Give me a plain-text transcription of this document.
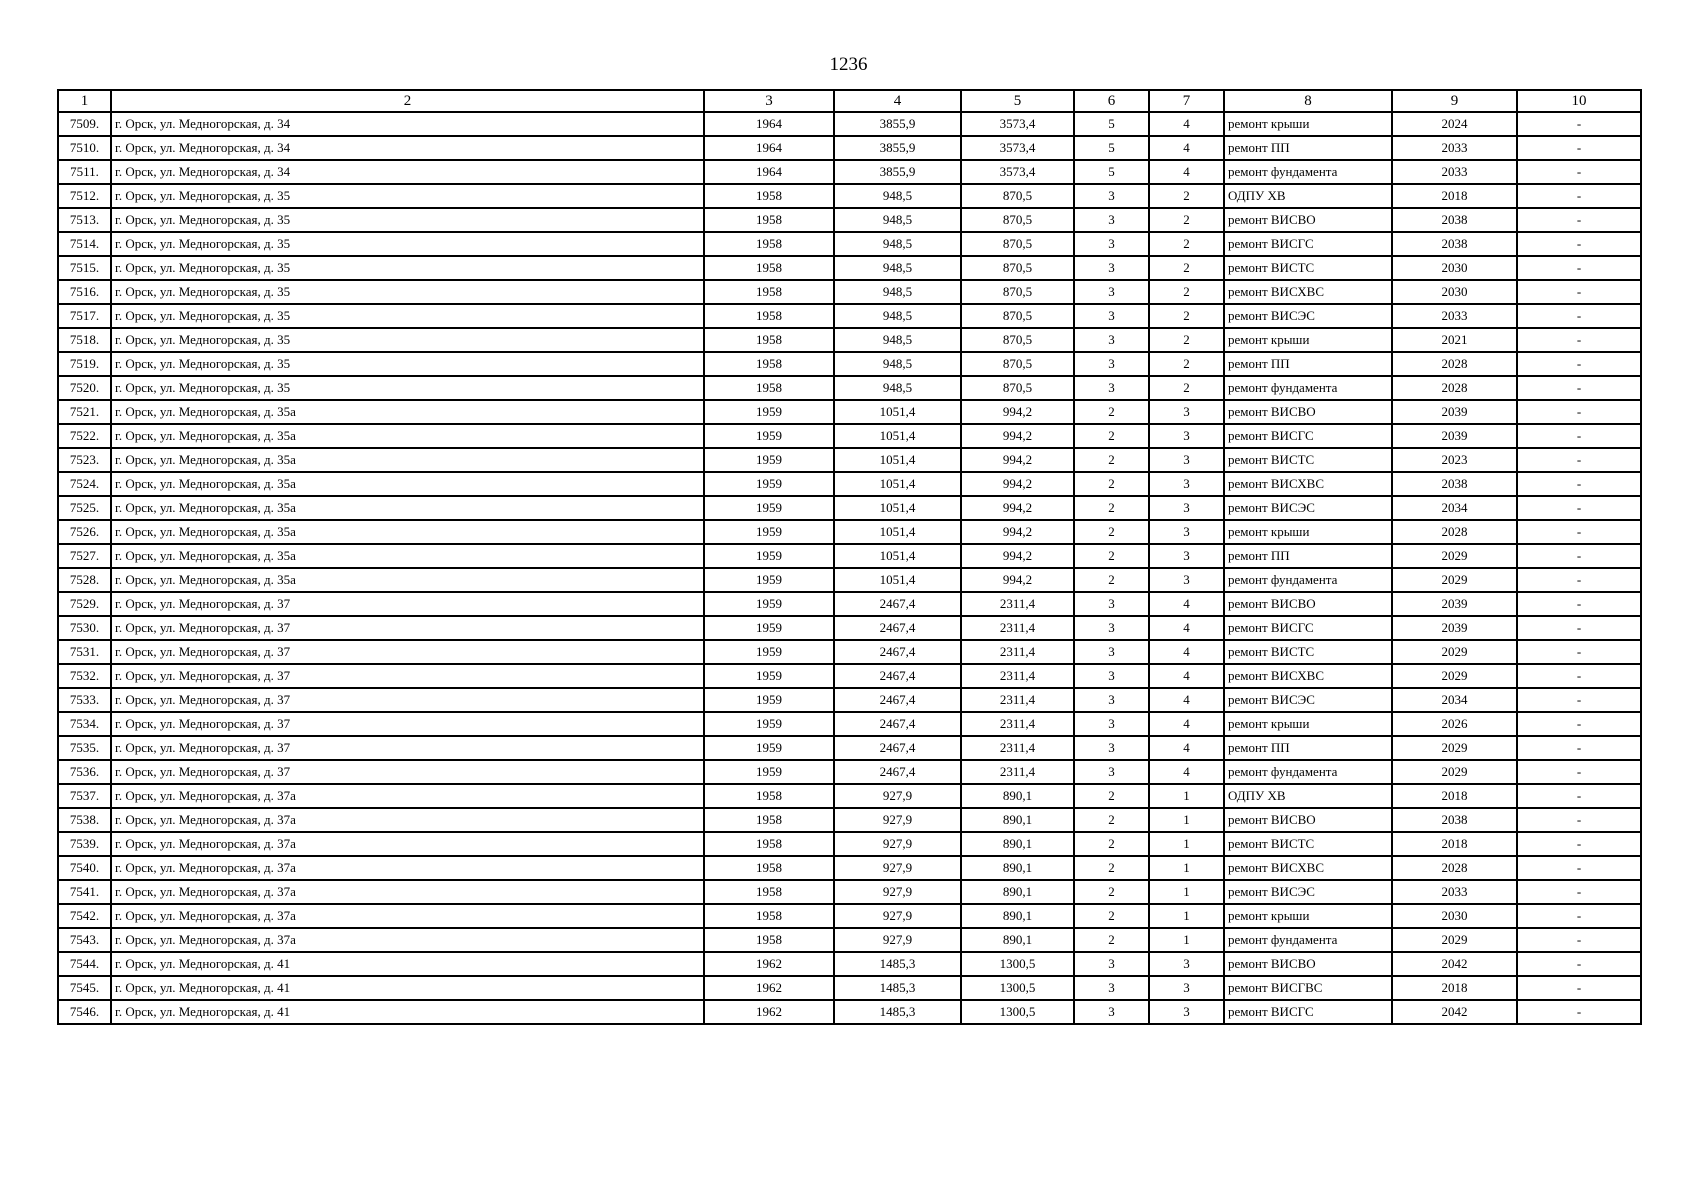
1236
1	2	3	4	5	6	7	8	9	10
7509.	г. Орск, ул. Медногорская, д. 34	1964	3855,9	3573,4	5	4	ремонт крыши	2024	-
7510.	г. Орск, ул. Медногорская, д. 34	1964	3855,9	3573,4	5	4	ремонт ПП	2033	-
7511.	г. Орск, ул. Медногорская, д. 34	1964	3855,9	3573,4	5	4	ремонт фундамента	2033	-
7512.	г. Орск, ул. Медногорская, д. 35	1958	948,5	870,5	3	2	ОДПУ ХВ	2018	-
7513.	г. Орск, ул. Медногорская, д. 35	1958	948,5	870,5	3	2	ремонт ВИСВО	2038	-
7514.	г. Орск, ул. Медногорская, д. 35	1958	948,5	870,5	3	2	ремонт ВИСГС	2038	-
7515.	г. Орск, ул. Медногорская, д. 35	1958	948,5	870,5	3	2	ремонт ВИСТС	2030	-
7516.	г. Орск, ул. Медногорская, д. 35	1958	948,5	870,5	3	2	ремонт ВИСХВС	2030	-
7517.	г. Орск, ул. Медногорская, д. 35	1958	948,5	870,5	3	2	ремонт ВИСЭС	2033	-
7518.	г. Орск, ул. Медногорская, д. 35	1958	948,5	870,5	3	2	ремонт крыши	2021	-
7519.	г. Орск, ул. Медногорская, д. 35	1958	948,5	870,5	3	2	ремонт ПП	2028	-
7520.	г. Орск, ул. Медногорская, д. 35	1958	948,5	870,5	3	2	ремонт фундамента	2028	-
7521.	г. Орск, ул. Медногорская, д. 35а	1959	1051,4	994,2	2	3	ремонт ВИСВО	2039	-
7522.	г. Орск, ул. Медногорская, д. 35а	1959	1051,4	994,2	2	3	ремонт ВИСГС	2039	-
7523.	г. Орск, ул. Медногорская, д. 35а	1959	1051,4	994,2	2	3	ремонт ВИСТС	2023	-
7524.	г. Орск, ул. Медногорская, д. 35а	1959	1051,4	994,2	2	3	ремонт ВИСХВС	2038	-
7525.	г. Орск, ул. Медногорская, д. 35а	1959	1051,4	994,2	2	3	ремонт ВИСЭС	2034	-
7526.	г. Орск, ул. Медногорская, д. 35а	1959	1051,4	994,2	2	3	ремонт крыши	2028	-
7527.	г. Орск, ул. Медногорская, д. 35а	1959	1051,4	994,2	2	3	ремонт ПП	2029	-
7528.	г. Орск, ул. Медногорская, д. 35а	1959	1051,4	994,2	2	3	ремонт фундамента	2029	-
7529.	г. Орск, ул. Медногорская, д. 37	1959	2467,4	2311,4	3	4	ремонт ВИСВО	2039	-
7530.	г. Орск, ул. Медногорская, д. 37	1959	2467,4	2311,4	3	4	ремонт ВИСГС	2039	-
7531.	г. Орск, ул. Медногорская, д. 37	1959	2467,4	2311,4	3	4	ремонт ВИСТС	2029	-
7532.	г. Орск, ул. Медногорская, д. 37	1959	2467,4	2311,4	3	4	ремонт ВИСХВС	2029	-
7533.	г. Орск, ул. Медногорская, д. 37	1959	2467,4	2311,4	3	4	ремонт ВИСЭС	2034	-
7534.	г. Орск, ул. Медногорская, д. 37	1959	2467,4	2311,4	3	4	ремонт крыши	2026	-
7535.	г. Орск, ул. Медногорская, д. 37	1959	2467,4	2311,4	3	4	ремонт ПП	2029	-
7536.	г. Орск, ул. Медногорская, д. 37	1959	2467,4	2311,4	3	4	ремонт фундамента	2029	-
7537.	г. Орск, ул. Медногорская, д. 37а	1958	927,9	890,1	2	1	ОДПУ ХВ	2018	-
7538.	г. Орск, ул. Медногорская, д. 37а	1958	927,9	890,1	2	1	ремонт ВИСВО	2038	-
7539.	г. Орск, ул. Медногорская, д. 37а	1958	927,9	890,1	2	1	ремонт ВИСТС	2018	-
7540.	г. Орск, ул. Медногорская, д. 37а	1958	927,9	890,1	2	1	ремонт ВИСХВС	2028	-
7541.	г. Орск, ул. Медногорская, д. 37а	1958	927,9	890,1	2	1	ремонт ВИСЭС	2033	-
7542.	г. Орск, ул. Медногорская, д. 37а	1958	927,9	890,1	2	1	ремонт крыши	2030	-
7543.	г. Орск, ул. Медногорская, д. 37а	1958	927,9	890,1	2	1	ремонт фундамента	2029	-
7544.	г. Орск, ул. Медногорская, д. 41	1962	1485,3	1300,5	3	3	ремонт ВИСВО	2042	-
7545.	г. Орск, ул. Медногорская, д. 41	1962	1485,3	1300,5	3	3	ремонт ВИСГВС	2018	-
7546.	г. Орск, ул. Медногорская, д. 41	1962	1485,3	1300,5	3	3	ремонт ВИСГС	2042	-
